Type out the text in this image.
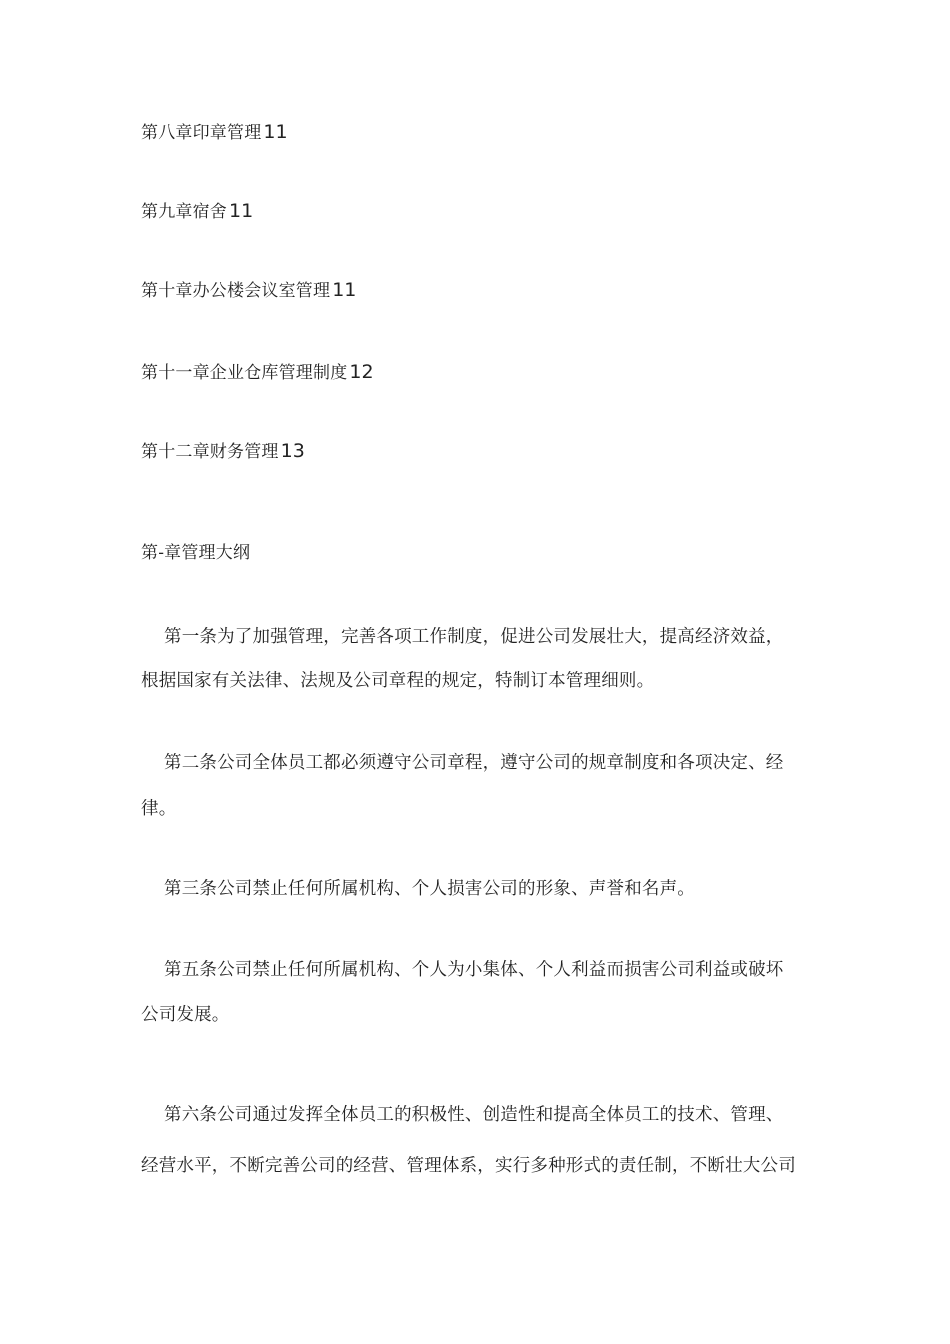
第八章印章管理 11
第九章宿舍 11
第十章办公楼会议室管理 11
第十一章企业仓库管理制度 12
第十二章财务管理 13
第-章管理大纲
第一条为了加强管理，完善各项工作制度，促进公司发展壮大，提高经济效益，
根据国家有关法律、法规及公司章程的规定，特制订本管理细则。
第二条公司全体员工都必须遵守公司章程，遵守公司的规章制度和各项决定、经
律。
第三条公司禁止任何所属机构、个人损害公司的形象、声誉和名声。
第五条公司禁止任何所属机构、个人为小集体、个人利益而损害公司利益或破坏
公司发展。
第六条公司通过发挥全体员工的积极性、创造性和提高全体员工的技术、管理、
经营水平，不断完善公司的经营、管理体系，实行多种形式的责任制，不断壮大公司
